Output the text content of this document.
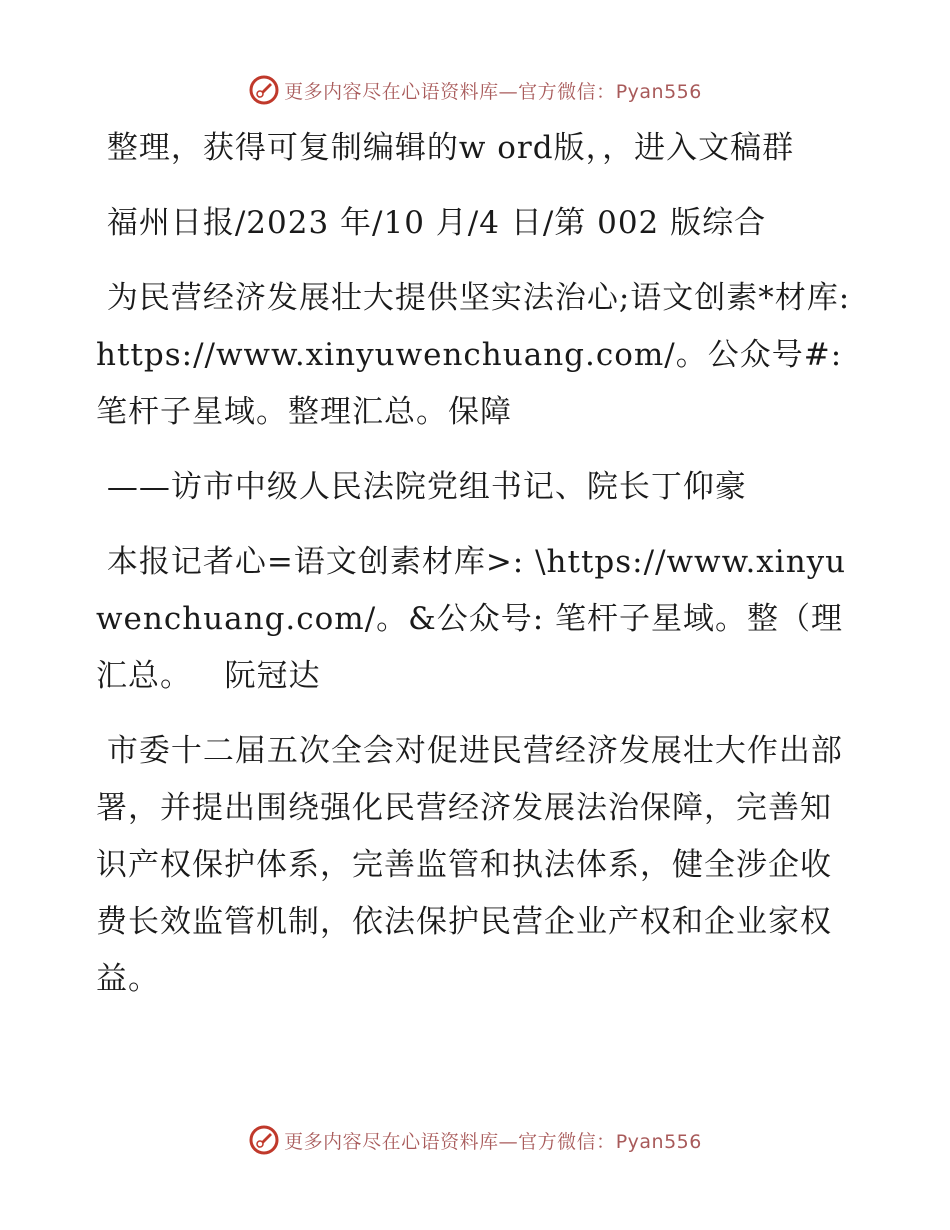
更多内容尽在心语资料库—官方微信：Pyan556

整理，获得可复制编辑的w ord版，，进入文稿群

福州日报/2023 年/10 月/4 日/第 002 版综合

为民营经济发展壮大提供坚实法治心;语文创素*材库: https://www.xinyuwenchuang.com/。公众号#: 笔杆子星域。整理汇总。保障

——访市中级人民法院党组书记、院长丁仰豪

本报记者心=语文创素材库>: \https://www.xinyuwenchuang.com/。&公众号: 笔杆子星域。整（理汇总。   阮冠达

市委十二届五次全会对促进民营经济发展壮大作出部署，并提出围绕强化民营经济发展法治保障，完善知识产权保护体系，完善监管和执法体系，健全涉企收费长效监管机制，依法保护民营企业产权和企业家权益。

更多内容尽在心语资料库—官方微信：Pyan556
